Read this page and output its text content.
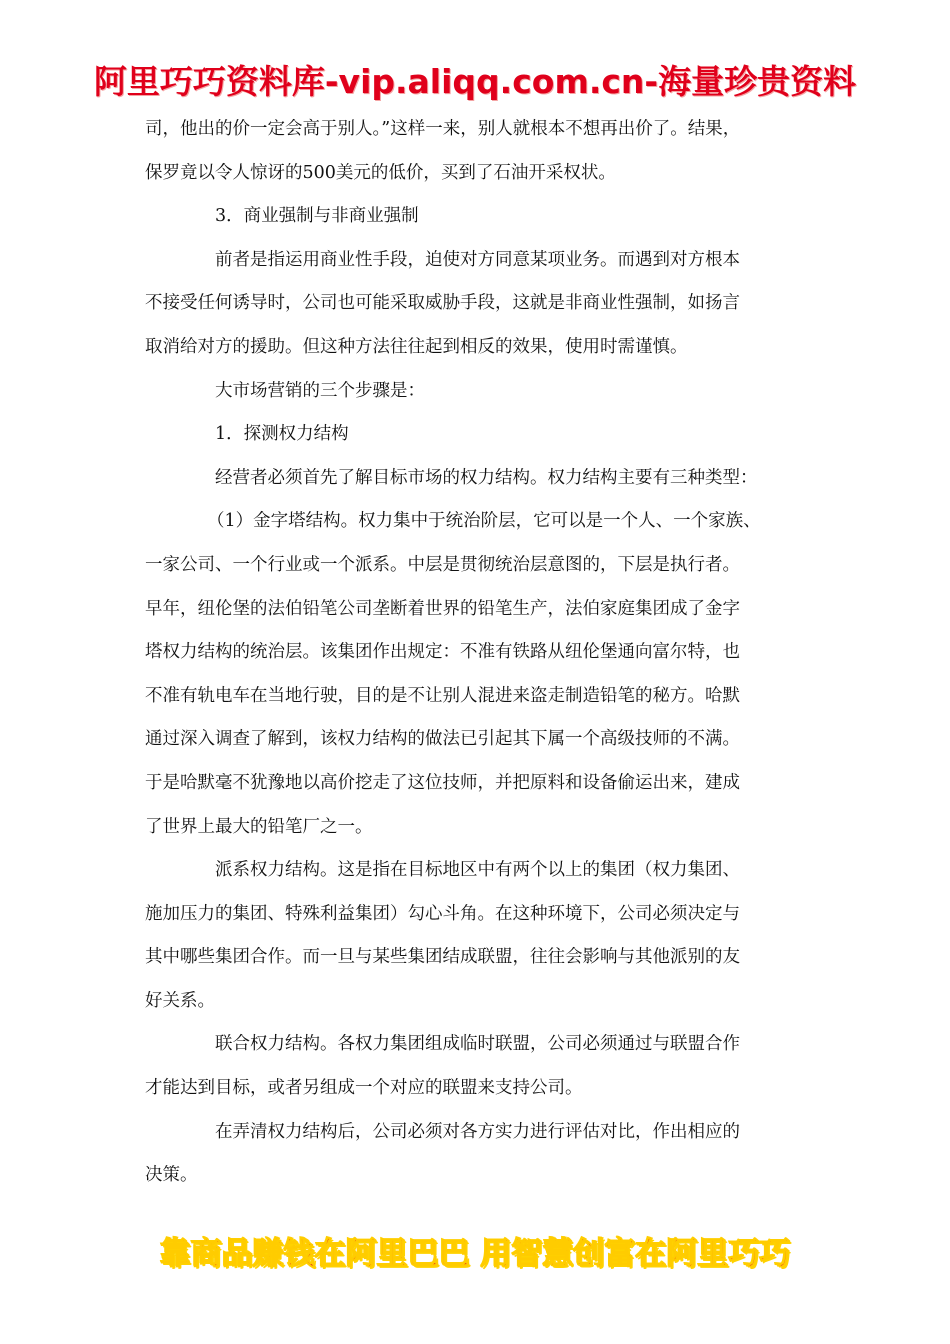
阿里巧巧资料库-vip.aliqq.com.cn-海量珍贵资料

司，他出的价一定会高于别人。”这样一来，别人就根本不想再出价了。结果，

保罗竟以令人惊讶的500美元的低价，买到了石油开采权状。

3．商业强制与非商业强制

前者是指运用商业性手段，迫使对方同意某项业务。而遇到对方根本

不接受任何诱导时，公司也可能采取威胁手段，这就是非商业性强制，如扬言

取消给对方的援助。但这种方法往往起到相反的效果，使用时需谨慎。

大市场营销的三个步骤是：

1．探测权力结构

经营者必须首先了解目标市场的权力结构。权力结构主要有三种类型：

（1）金字塔结构。权力集中于统治阶层，它可以是一个人、一个家族、

一家公司、一个行业或一个派系。中层是贯彻统治层意图的，下层是执行者。

早年，纽伦堡的法伯铅笔公司垄断着世界的铅笔生产，法伯家庭集团成了金字

塔权力结构的统治层。该集团作出规定：不准有铁路从纽伦堡通向富尔特，也

不准有轨电车在当地行驶，目的是不让别人混进来盗走制造铅笔的秘方。哈默

通过深入调查了解到，该权力结构的做法已引起其下属一个高级技师的不满。

于是哈默毫不犹豫地以高价挖走了这位技师，并把原料和设备偷运出来，建成

了世界上最大的铅笔厂之一。

派系权力结构。这是指在目标地区中有两个以上的集团（权力集团、

施加压力的集团、特殊利益集团）勾心斗角。在这种环境下，公司必须决定与

其中哪些集团合作。而一旦与某些集团结成联盟，往往会影响与其他派别的友

好关系。

联合权力结构。各权力集团组成临时联盟，公司必须通过与联盟合作

才能达到目标，或者另组成一个对应的联盟来支持公司。

在弄清权力结构后，公司必须对各方实力进行评估对比，作出相应的

决策。

靠商品赚钱在阿里巴巴 用智慧创富在阿里巧巧
